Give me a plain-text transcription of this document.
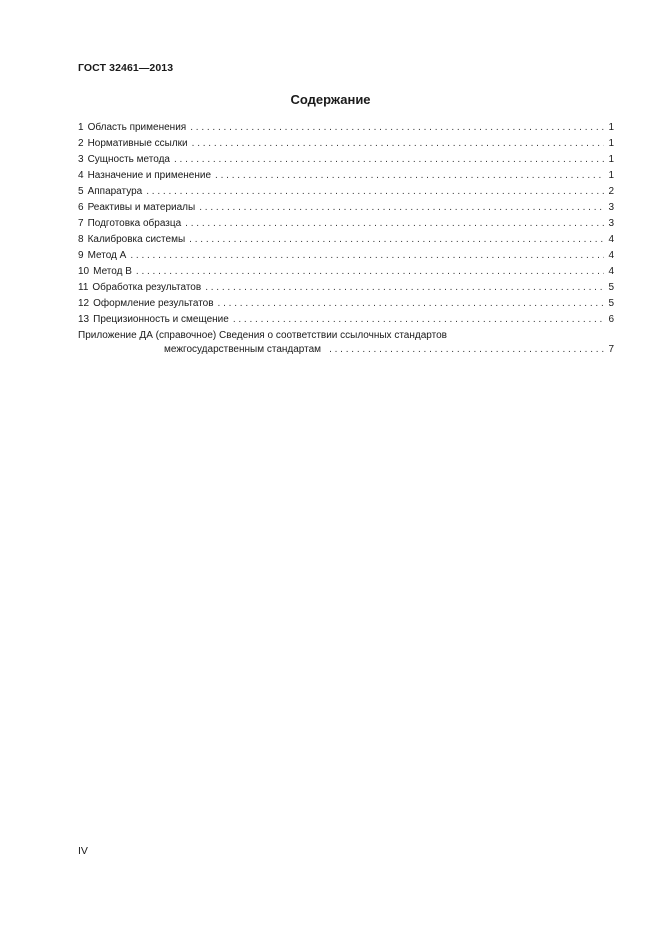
ГОСТ 32461—2013
Содержание
1 Область применения . . .	1
2 Нормативные ссылки . . .	1
3 Сущность метода . . .	1
4 Назначение и применение . . .	1
5 Аппаратура . . .	2
6 Реактивы и материалы . . .	3
7 Подготовка образца . . .	3
8 Калибровка системы . . .	4
9 Метод А . . .	4
10 Метод В . . .	4
11 Обработка результатов . . .	5
12 Оформление результатов . . .	5
13 Прецизионность и смещение . . .	6
Приложение ДА (справочное) Сведения о соответствии ссылочных стандартов
межгосударственным стандартам . . .	7
IV
